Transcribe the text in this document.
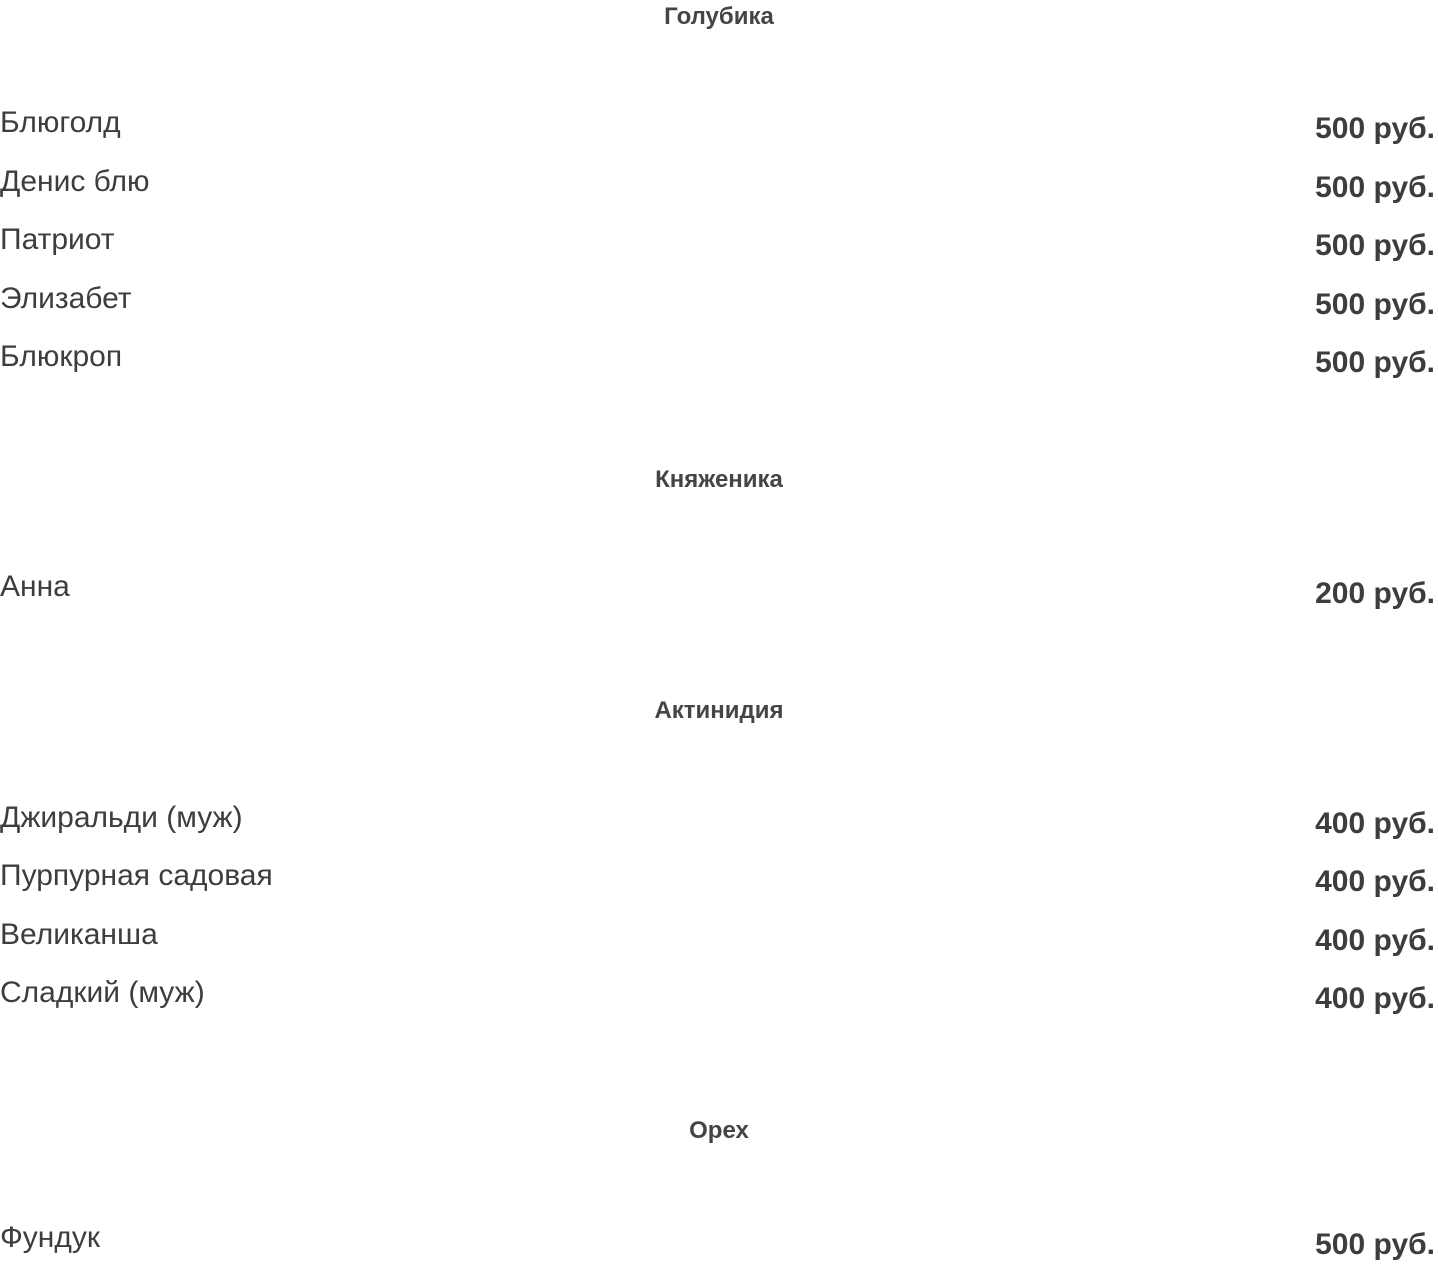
Голубика
Блюголд	500 руб.
Денис блю	500 руб.
Патриот	500 руб.
Элизабет	500 руб.
Блюкроп	500 руб.
Княженика
Анна	200 руб.
Актинидия
Джиральди (муж)	400 руб.
Пурпурная садовая	400 руб.
Великанша	400 руб.
Сладкий (муж)	400 руб.
Орех
Фундук	500 руб.
